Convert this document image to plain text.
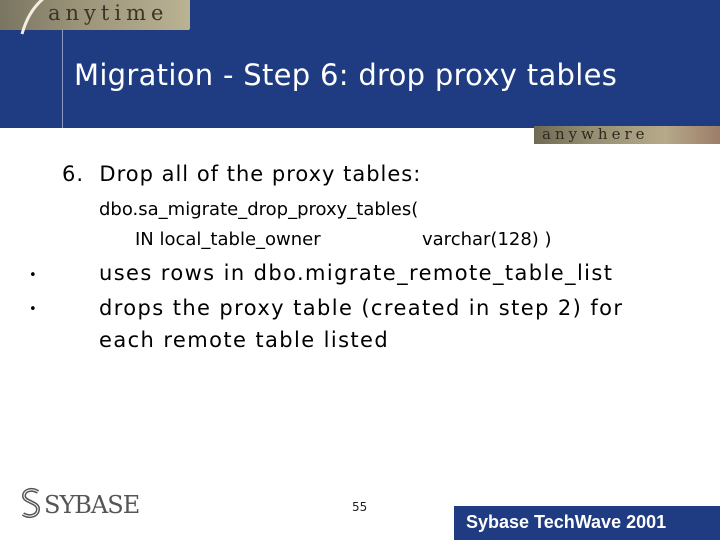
anytime
Migration - Step 6: drop proxy tables
anywhere
6. Drop all of the proxy tables:
dbo.sa_migrate_drop_proxy_tables(
IN local_table_owner	varchar(128) )
•	uses rows in dbo.migrate_remote_table_list
•	drops the proxy table (created in step 2) for
each remote table listed
SYBASE	55
Sybase TechWave 2001
